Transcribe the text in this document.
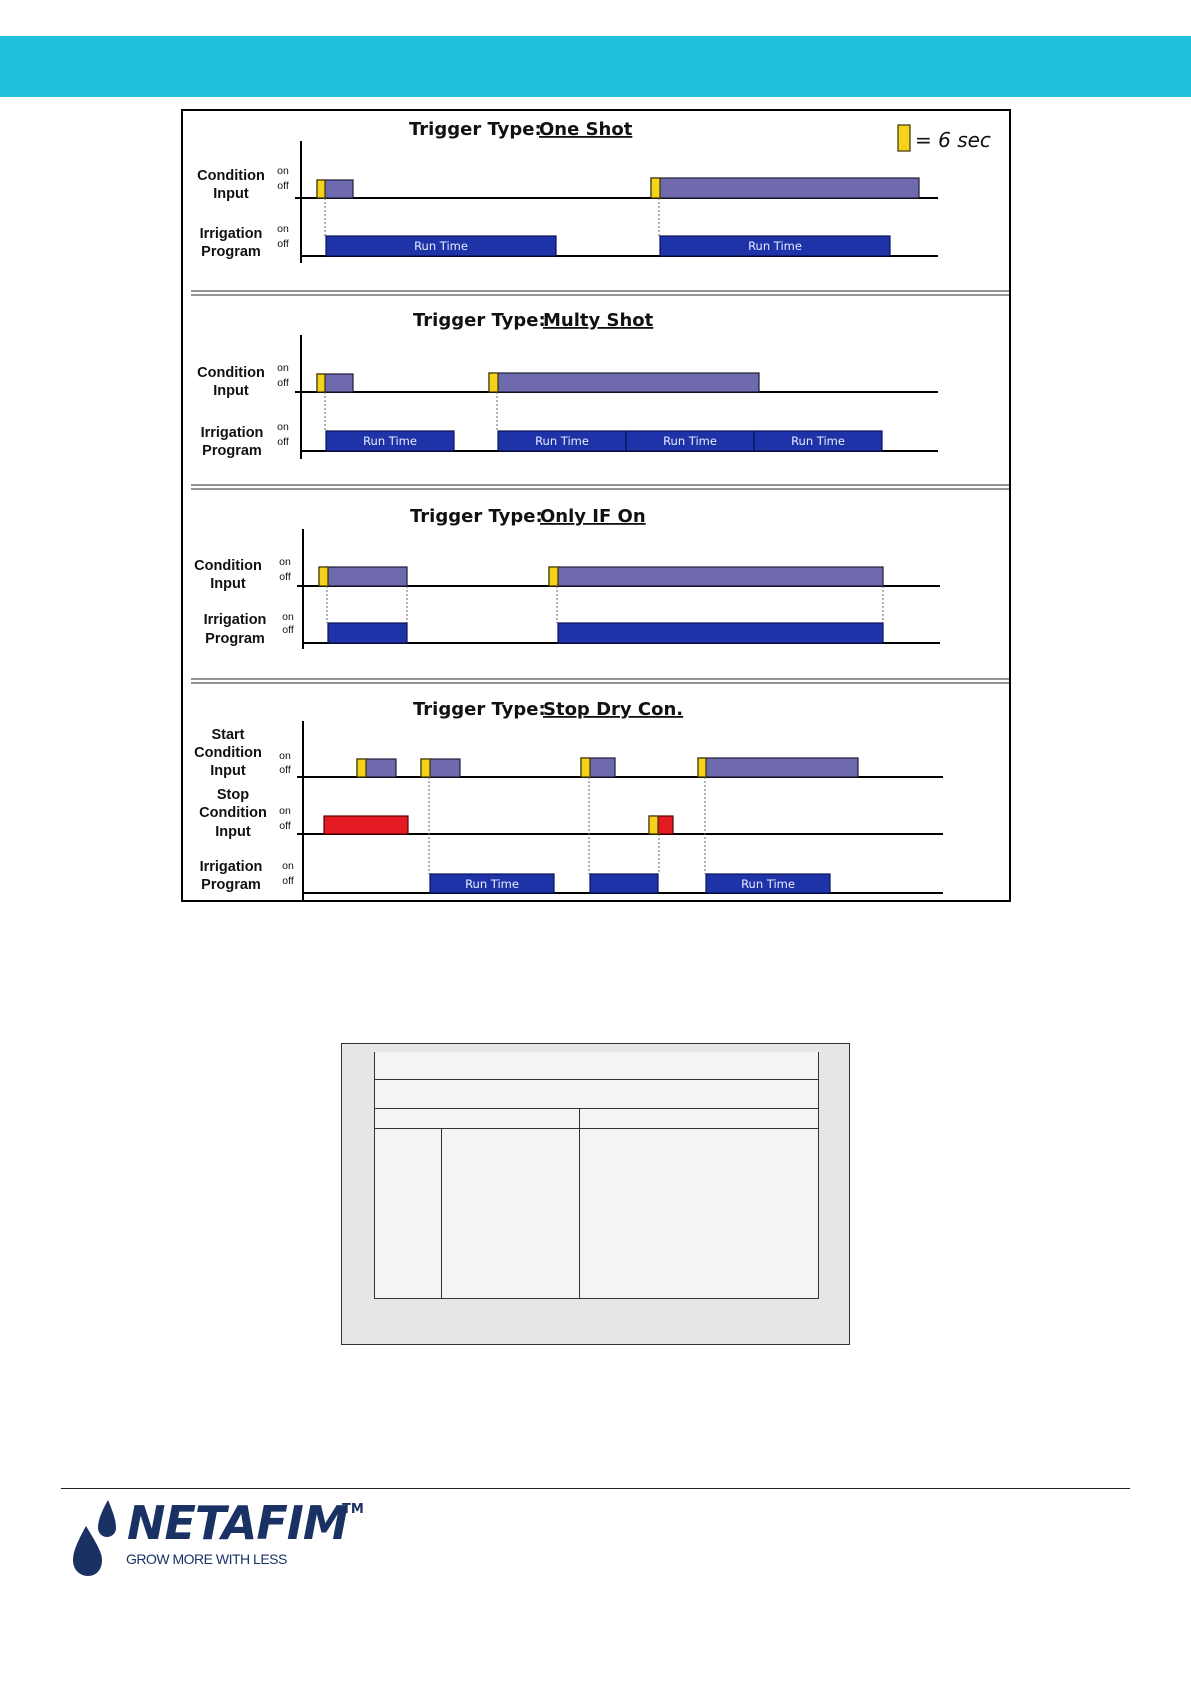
= 6 sec
Trigger Type:
One Shot
Condition
Input
on
off
Irrigation
Program
on
off	Run Time	Run Time
Trigger Type:
Multy Shot
Condition
Input
on
off
Irrigation
Program
on
off	Run Time	Run Time	Run Time	Run Time
Trigger Type:
Only IF On
Condition
Input
on
off
Irrigation
Program
on
off
Trigger Type:
Stop Dry Con.
Start
Condition
Input
on
off
Stop
Condition
Input
on
off
Irrigation
Program
on
off	Run Time	Run Time
NETAFIM
TM
GROW MORE WITH LESS
